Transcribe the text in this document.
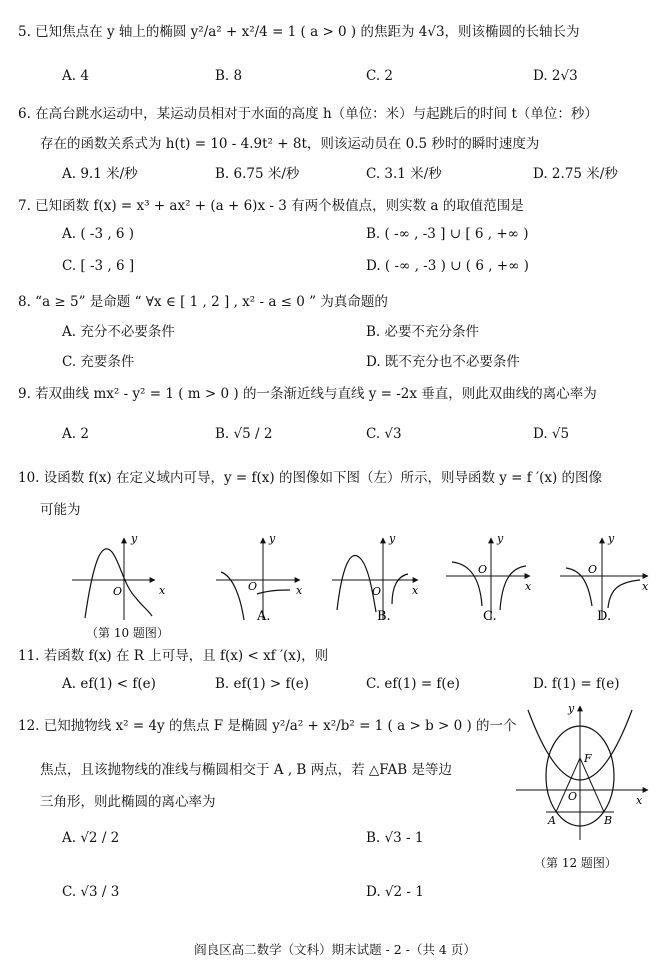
5. 已知焦点在 y 轴上的椭圆 y²/a² + x²/4 = 1 ( a > 0 ) 的焦距为 4√3，则该椭圆的长轴长为
A. 4	B. 8	C. 2	D. 2√3
6. 在高台跳水运动中，某运动员相对于水面的高度 h（单位：米）与起跳后的时间 t（单位：秒）
存在的函数关系式为 h(t) = 10 - 4.9t² + 8t，则该运动员在 0.5 秒时的瞬时速度为
A. 9.1 米/秒	B. 6.75 米/秒	C. 3.1 米/秒	D. 2.75 米/秒
7. 已知函数 f(x) = x³ + ax² + (a + 6)x - 3 有两个极值点，则实数 a 的取值范围是
A. ( -3 , 6 )	B. ( -∞ , -3 ] ∪ [ 6 , +∞ )
C. [ -3 , 6 ]	D. ( -∞ , -3 ) ∪ ( 6 , +∞ )
8. “a ≥ 5” 是命题 “ ∀x ∈ [ 1 , 2 ] , x² - a ≤ 0 ” 为真命题的
A. 充分不必要条件	B. 必要不充分条件
C. 充要条件	D. 既不充分也不必要条件
9. 若双曲线 mx² - y² = 1 ( m > 0 ) 的一条渐近线与直线 y = -2x 垂直，则此双曲线的离心率为
A. 2	B. √5 / 2	C. √3	D. √5
10. 设函数 f(x) 在定义域内可导，y = f(x) 的图像如下图（左）所示，则导函数 y = f ′(x) 的图像
可能为
y
x
O
y
x
O
y
x
O
y
x
O
y
x
O
A.	B.	C.	D.
（第 10 题图）
11. 若函数 f(x) 在 R 上可导，且 f(x) < xf ′(x)，则
A. ef(1) < f(e)	B. ef(1) > f(e)	C. ef(1) = f(e)	D. f(1) = f(e)
12. 已知抛物线 x² = 4y 的焦点 F 是椭圆 y²/a² + x²/b² = 1 ( a > b > 0 ) 的一个
焦点，且该抛物线的准线与椭圆相交于 A , B 两点，若 △FAB 是等边
三角形，则此椭圆的离心率为
A. √2 / 2	B. √3 - 1
C. √3 / 3	D. √2 - 1
y
x
O
F
A	B
（第 12 题图）
阎良区高二数学（文科）期末试题 - 2 -（共 4 页）
